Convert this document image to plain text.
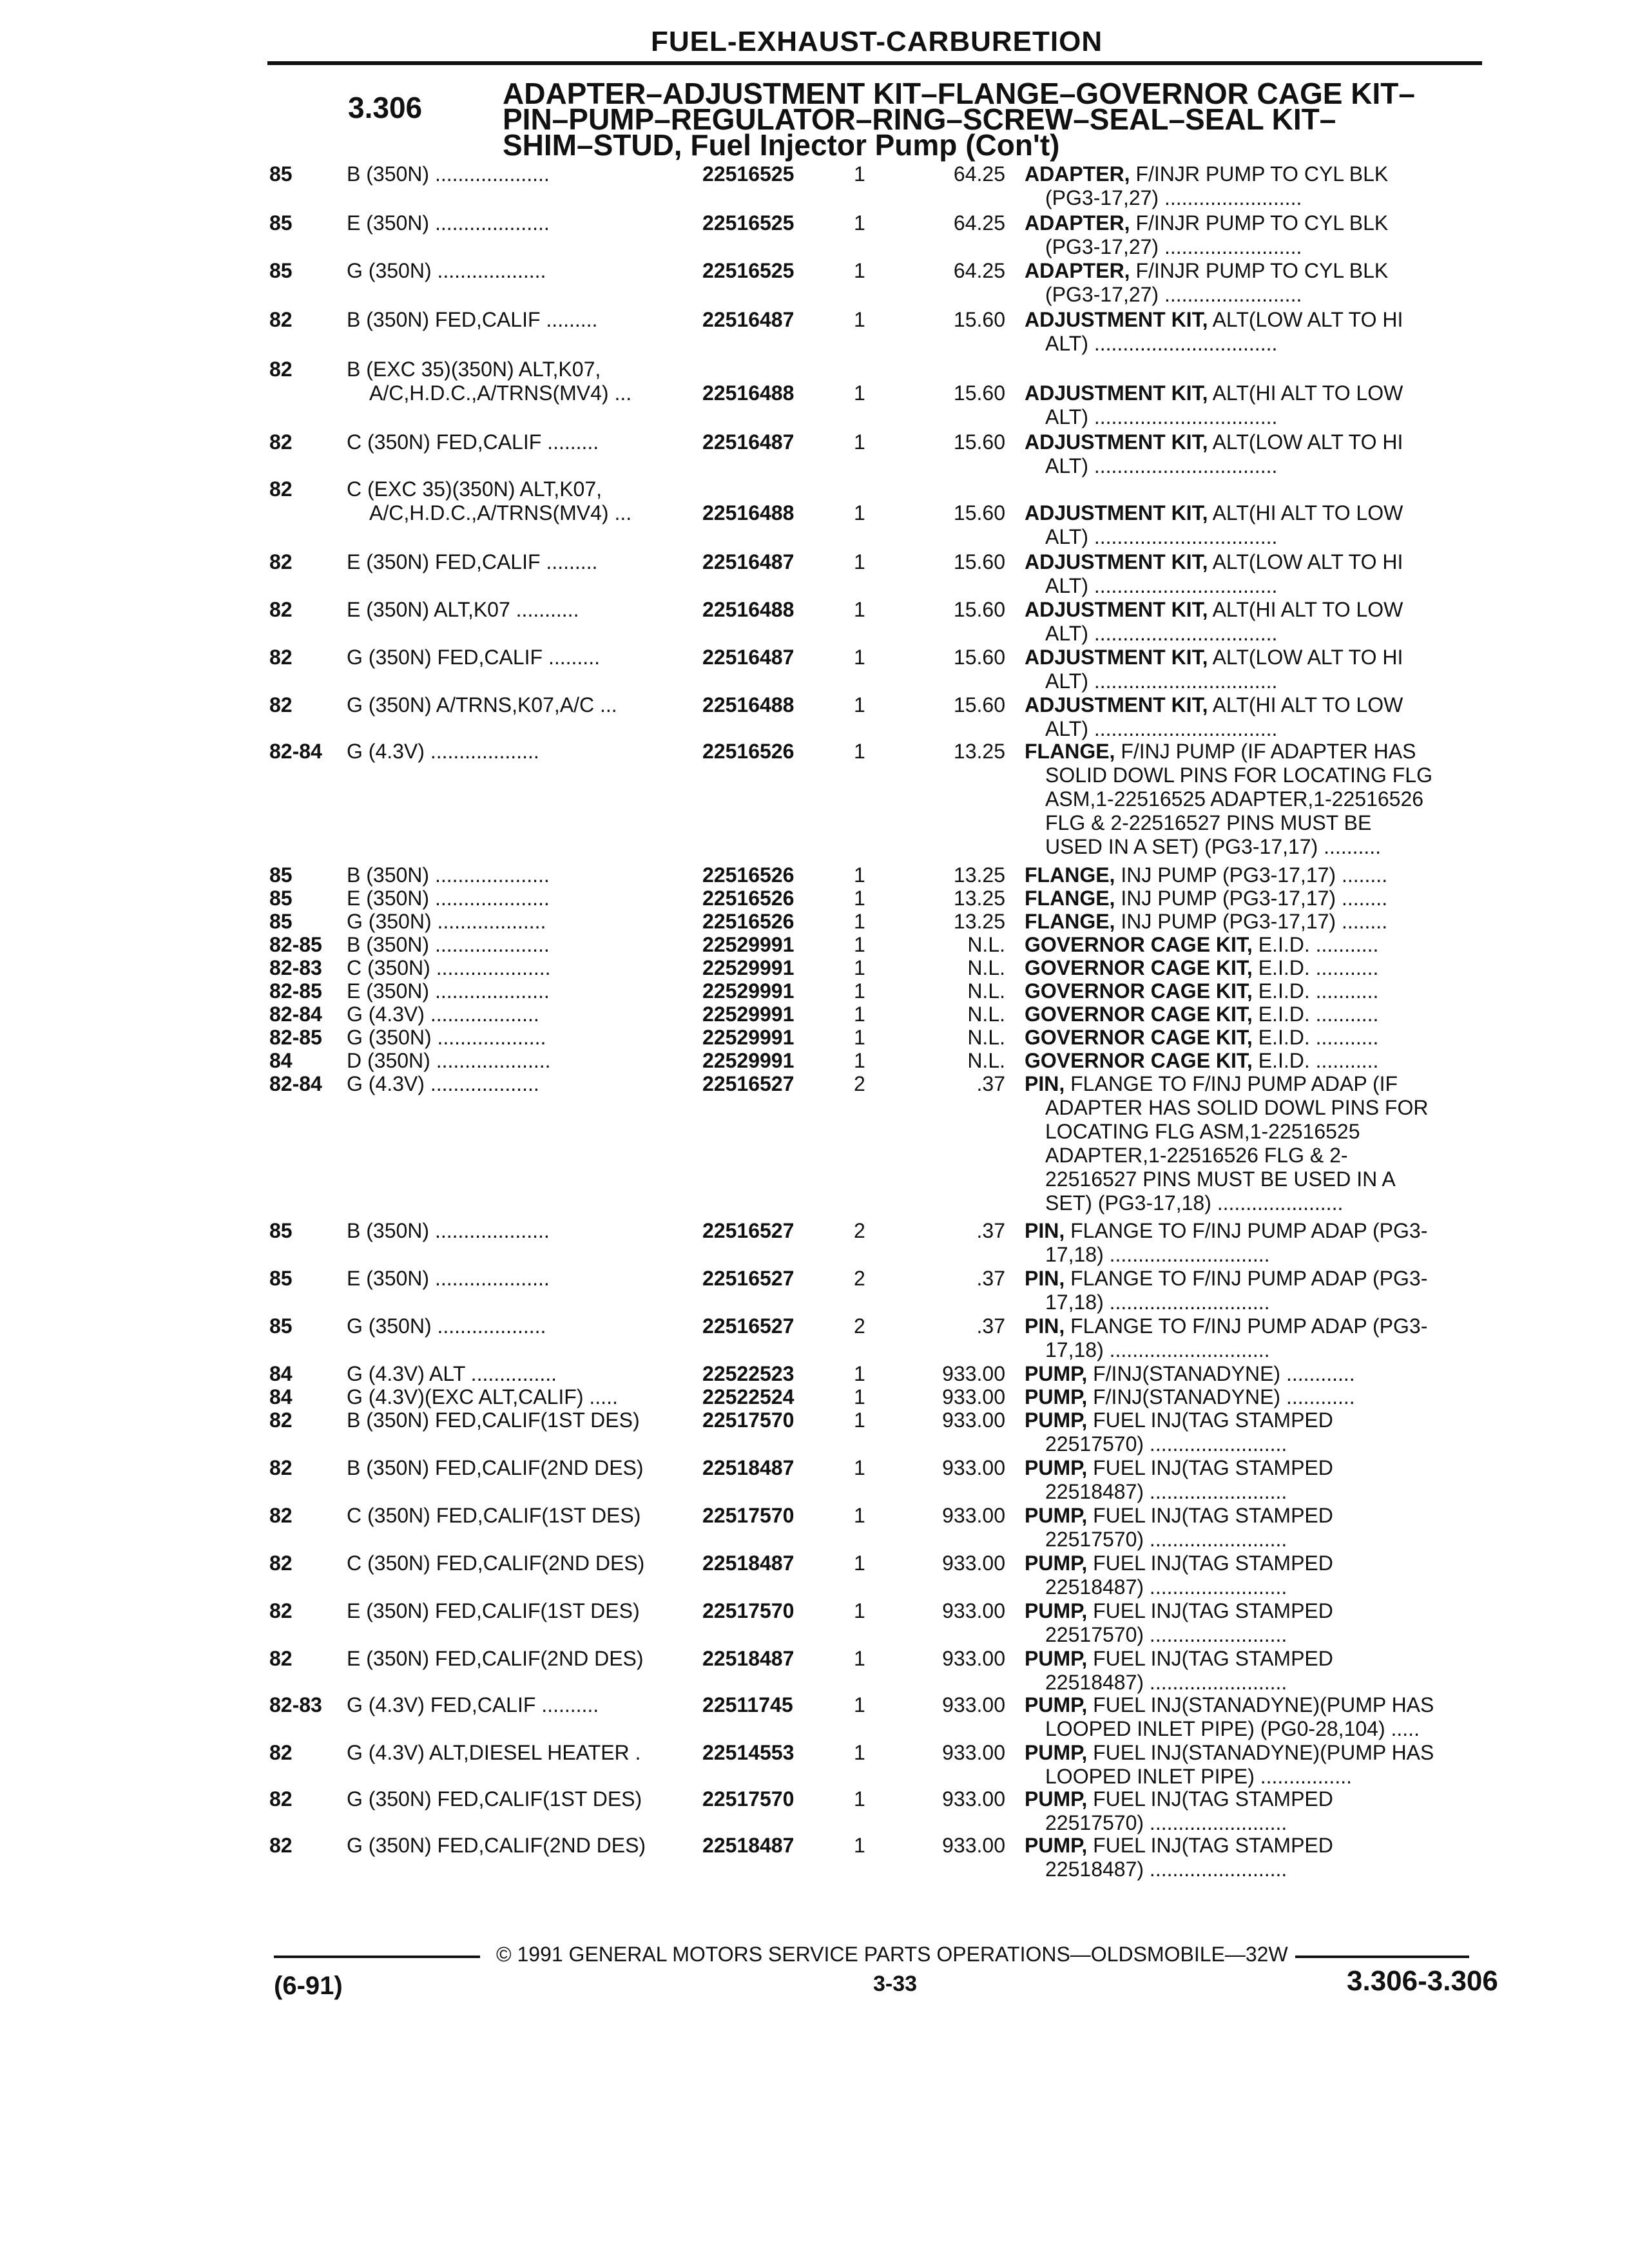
FUEL-EXHAUST-CARBURETION
3.306	ADAPTER–ADJUSTMENT KIT–FLANGE–GOVERNOR CAGE KIT–
PIN–PUMP–REGULATOR–RING–SCREW–SEAL–SEAL KIT–
SHIM–STUD, Fuel Injector Pump (Con't)
85	B (350N) ....................	22516525	1	64.25 ADAPTER, F/INJR PUMP TO CYL BLK
(PG3-17,27) ........................
85	E (350N) ....................	22516525	1	64.25 ADAPTER, F/INJR PUMP TO CYL BLK
(PG3-17,27) ........................
85	G (350N) ...................	22516525	1	64.25 ADAPTER, F/INJR PUMP TO CYL BLK
(PG3-17,27) ........................
82	B (350N) FED,CALIF .........	22516487	1	15.60 ADJUSTMENT KIT, ALT(LOW ALT TO HI
ALT) ................................
82	B (EXC 35)(350N) ALT,K07,
A/C,H.D.C.,A/TRNS(MV4) ...	22516488	1	15.60 ADJUSTMENT KIT, ALT(HI ALT TO LOW
ALT) ................................
82	C (350N) FED,CALIF .........	22516487	1	15.60 ADJUSTMENT KIT, ALT(LOW ALT TO HI
ALT) ................................
82	C (EXC 35)(350N) ALT,K07,
A/C,H.D.C.,A/TRNS(MV4) ...	22516488	1	15.60 ADJUSTMENT KIT, ALT(HI ALT TO LOW
ALT) ................................
82	E (350N) FED,CALIF .........	22516487	1	15.60 ADJUSTMENT KIT, ALT(LOW ALT TO HI
ALT) ................................
82	E (350N) ALT,K07 ...........	22516488	1	15.60 ADJUSTMENT KIT, ALT(HI ALT TO LOW
ALT) ................................
82	G (350N) FED,CALIF .........	22516487	1	15.60 ADJUSTMENT KIT, ALT(LOW ALT TO HI
ALT) ................................
82	G (350N) A/TRNS,K07,A/C ...	22516488	1	15.60 ADJUSTMENT KIT, ALT(HI ALT TO LOW
ALT) ................................
82-84 G (4.3V) ...................	22516526	1	13.25 FLANGE, F/INJ PUMP (IF ADAPTER HAS
SOLID DOWL PINS FOR LOCATING FLG
ASM,1-22516525 ADAPTER,1-22516526
FLG & 2-22516527 PINS MUST BE
USED IN A SET) (PG3-17,17) ..........
85	B (350N) ....................	22516526	1	13.25 FLANGE, INJ PUMP (PG3-17,17) ........
85	E (350N) ....................	22516526	1	13.25 FLANGE, INJ PUMP (PG3-17,17) ........
85	G (350N) ...................	22516526	1	13.25 FLANGE, INJ PUMP (PG3-17,17) ........
82-85 B (350N) ....................	22529991	1	N.L. GOVERNOR CAGE KIT, E.I.D. ...........
82-83 C (350N) ....................	22529991	1	N.L. GOVERNOR CAGE KIT, E.I.D. ...........
82-85 E (350N) ....................	22529991	1	N.L. GOVERNOR CAGE KIT, E.I.D. ...........
82-84 G (4.3V) ...................	22529991	1	N.L. GOVERNOR CAGE KIT, E.I.D. ...........
82-85 G (350N) ...................	22529991	1	N.L. GOVERNOR CAGE KIT, E.I.D. ...........
84	D (350N) ....................	22529991	1	N.L. GOVERNOR CAGE KIT, E.I.D. ...........
82-84 G (4.3V) ...................	22516527	2	.37 PIN, FLANGE TO F/INJ PUMP ADAP (IF
ADAPTER HAS SOLID DOWL PINS FOR
LOCATING FLG ASM,1-22516525
ADAPTER,1-22516526 FLG & 2-
22516527 PINS MUST BE USED IN A
SET) (PG3-17,18) ......................
85	B (350N) ....................	22516527	2	.37 PIN, FLANGE TO F/INJ PUMP ADAP (PG3-
17,18) ............................
85	E (350N) ....................	22516527	2	.37 PIN, FLANGE TO F/INJ PUMP ADAP (PG3-
17,18) ............................
85	G (350N) ...................	22516527	2	.37 PIN, FLANGE TO F/INJ PUMP ADAP (PG3-
17,18) ............................
84	G (4.3V) ALT ...............	22522523	1	933.00 PUMP, F/INJ(STANADYNE) ............
84	G (4.3V)(EXC ALT,CALIF) .....	22522524	1	933.00 PUMP, F/INJ(STANADYNE) ............
82	B (350N) FED,CALIF(1ST DES)	22517570	1	933.00 PUMP, FUEL INJ(TAG STAMPED
22517570) ........................
82	B (350N) FED,CALIF(2ND DES)	22518487	1	933.00 PUMP, FUEL INJ(TAG STAMPED
22518487) ........................
82	C (350N) FED,CALIF(1ST DES)	22517570	1	933.00 PUMP, FUEL INJ(TAG STAMPED
22517570) ........................
82	C (350N) FED,CALIF(2ND DES)	22518487	1	933.00 PUMP, FUEL INJ(TAG STAMPED
22518487) ........................
82	E (350N) FED,CALIF(1ST DES)	22517570	1	933.00 PUMP, FUEL INJ(TAG STAMPED
22517570) ........................
82	E (350N) FED,CALIF(2ND DES)	22518487	1	933.00 PUMP, FUEL INJ(TAG STAMPED
22518487) ........................
82-83 G (4.3V) FED,CALIF ..........	22511745	1	933.00 PUMP, FUEL INJ(STANADYNE)(PUMP HAS
LOOPED INLET PIPE) (PG0-28,104) .....
82	G (4.3V) ALT,DIESEL HEATER .	22514553	1	933.00 PUMP, FUEL INJ(STANADYNE)(PUMP HAS
LOOPED INLET PIPE) ................
82	G (350N) FED,CALIF(1ST DES)	22517570	1	933.00 PUMP, FUEL INJ(TAG STAMPED
22517570) ........................
82	G (350N) FED,CALIF(2ND DES)	22518487	1	933.00 PUMP, FUEL INJ(TAG STAMPED
22518487) ........................
© 1991 GENERAL MOTORS SERVICE PARTS OPERATIONS—OLDSMOBILE—32W
(6-91)	3-33	3.306-3.306
